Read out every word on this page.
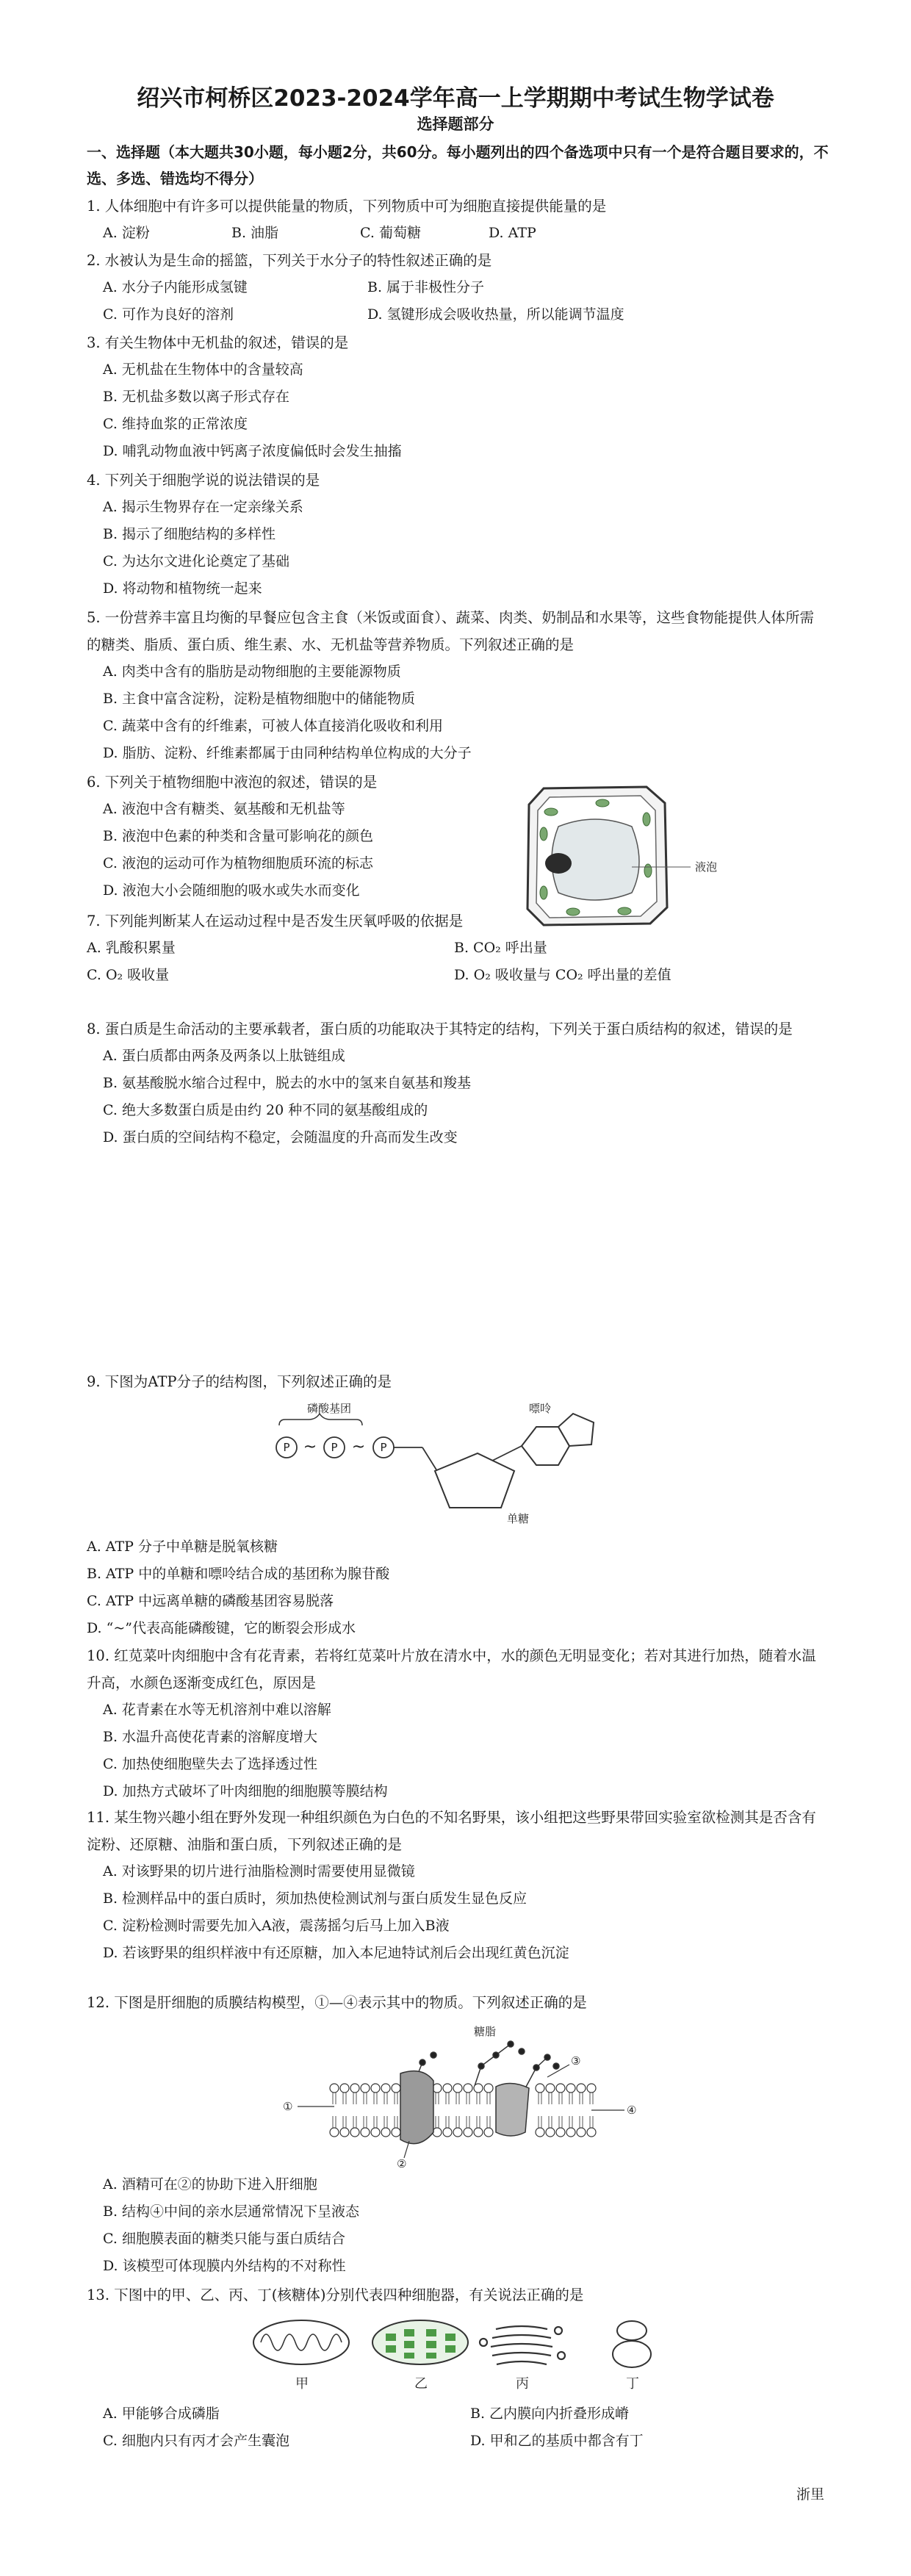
绍兴市柯桥区2023-2024学年高一上学期期中考试生物学试卷
选择题部分
一、选择题（本大题共30小题，每小题2分，共60分。每小题列出的四个备选项中只有一个是符合题目要求的，不选、多选、错选均不得分）
1. 人体细胞中有许多可以提供能量的物质，下列物质中可为细胞直接提供能量的是
A. 淀粉	B. 油脂	C. 葡萄糖	D. ATP
2. 水被认为是生命的摇篮，下列关于水分子的特性叙述正确的是
A. 水分子内能形成氢键	B. 属于非极性分子
C. 可作为良好的溶剂	D. 氢键形成会吸收热量，所以能调节温度
3. 有关生物体中无机盐的叙述，错误的是
A. 无机盐在生物体中的含量较高
B. 无机盐多数以离子形式存在
C. 维持血浆的正常浓度
D. 哺乳动物血液中钙离子浓度偏低时会发生抽搐
4. 下列关于细胞学说的说法错误的是
A. 揭示生物界存在一定亲缘关系
B. 揭示了细胞结构的多样性
C. 为达尔文进化论奠定了基础
D. 将动物和植物统一起来
5. 一份营养丰富且均衡的早餐应包含主食（米饭或面食）、蔬菜、肉类、奶制品和水果等，这些食物能提供人体所需的糖类、脂质、蛋白质、维生素、水、无机盐等营养物质。下列叙述正确的是
A. 肉类中含有的脂肪是动物细胞的主要能源物质
B. 主食中富含淀粉，淀粉是植物细胞中的储能物质
C. 蔬菜中含有的纤维素，可被人体直接消化吸收和利用
D. 脂肪、淀粉、纤维素都属于由同种结构单位构成的大分子
6. 下列关于植物细胞中液泡的叙述，错误的是
A. 液泡中含有糖类、氨基酸和无机盐等
B. 液泡中色素的种类和含量可影响花的颜色
C. 液泡的运动可作为植物细胞质环流的标志
D. 液泡大小会随细胞的吸水或失水而变化
液泡
7. 下列能判断某人在运动过程中是否发生厌氧呼吸的依据是
A. 乳酸积累量	B. CO₂ 呼出量
C. O₂ 吸收量	D. O₂ 吸收量与 CO₂ 呼出量的差值
8. 蛋白质是生命活动的主要承载者，蛋白质的功能取决于其特定的结构，下列关于蛋白质结构的叙述，错误的是
A. 蛋白质都由两条及两条以上肽链组成
B. 氨基酸脱水缩合过程中，脱去的水中的氢来自氨基和羧基
C. 绝大多数蛋白质是由约 20 种不同的氨基酸组成的
D. 蛋白质的空间结构不稳定，会随温度的升高而发生改变
9. 下图为ATP分子的结构图，下列叙述正确的是
磷酸基团
P ~ P ~ P
单糖
嘌呤
A. ATP 分子中单糖是脱氧核糖
B. ATP 中的单糖和嘌呤结合成的基团称为腺苷酸
C. ATP 中远离单糖的磷酸基团容易脱落
D. “~”代表高能磷酸键，它的断裂会形成水
10. 红苋菜叶肉细胞中含有花青素，若将红苋菜叶片放在清水中，水的颜色无明显变化；若对其进行加热，随着水温升高，水颜色逐渐变成红色，原因是
A. 花青素在水等无机溶剂中难以溶解
B. 水温升高使花青素的溶解度增大
C. 加热使细胞壁失去了选择透过性
D. 加热方式破坏了叶肉细胞的细胞膜等膜结构
11. 某生物兴趣小组在野外发现一种组织颜色为白色的不知名野果，该小组把这些野果带回实验室欲检测其是否含有淀粉、还原糖、油脂和蛋白质，下列叙述正确的是
A. 对该野果的切片进行油脂检测时需要使用显微镜
B. 检测样品中的蛋白质时，须加热使检测试剂与蛋白质发生显色反应
C. 淀粉检测时需要先加入A液，震荡摇匀后马上加入B液
D. 若该野果的组织样液中有还原糖，加入本尼迪特试剂后会出现红黄色沉淀
12. 下图是肝细胞的质膜结构模型，①—④表示其中的物质。下列叙述正确的是
糖脂
②
①
③
④
A. 酒精可在②的协助下进入肝细胞
B. 结构④中间的亲水层通常情况下呈液态
C. 细胞膜表面的糖类只能与蛋白质结合
D. 该模型可体现膜内外结构的不对称性
13. 下图中的甲、乙、丙、丁(核糖体)分别代表四种细胞器，有关说法正确的是
甲	乙	丙	丁
A. 甲能够合成磷脂	B. 乙内膜向内折叠形成嵴
C. 细胞内只有丙才会产生囊泡	D. 甲和乙的基质中都含有丁
浙里
